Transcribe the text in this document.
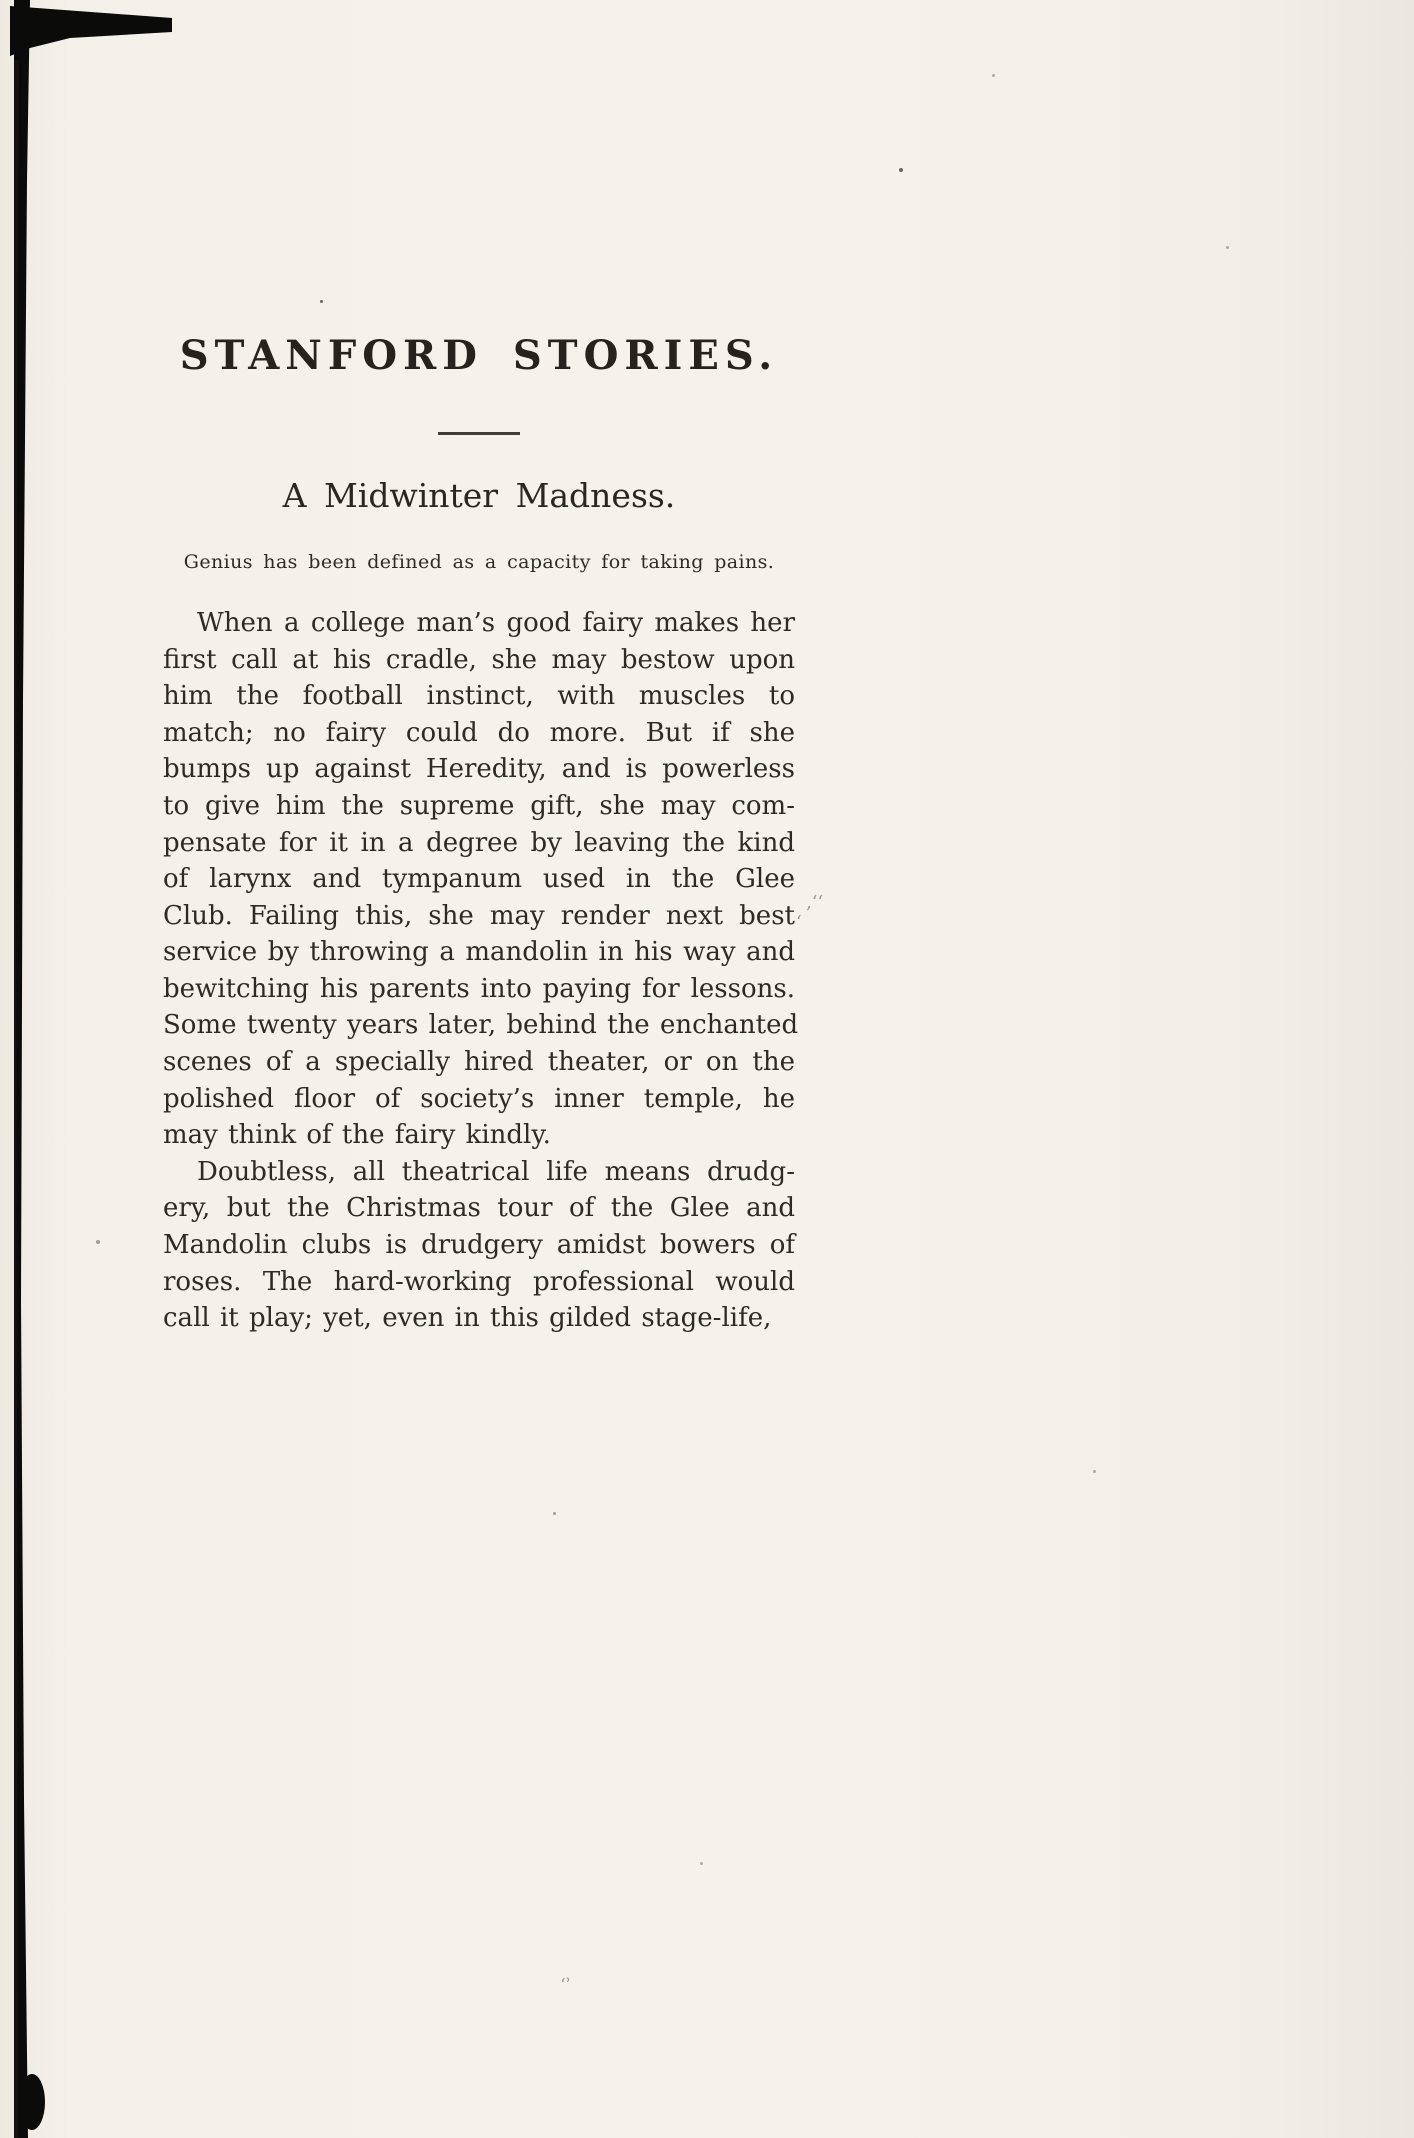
STANFORD STORIES.
A Midwinter Madness.
Genius has been defined as a capacity for taking pains.
When a college man’s good fairy makes her
first call at his cradle, she may bestow upon
him the football instinct, with muscles to
match; no fairy could do more. But if she
bumps up against Heredity, and is powerless
to give him the supreme gift, she may com-
pensate for it in a degree by leaving the kind
of larynx and tympanum used in the Glee
Club. Failing this, she may render next best
service by throwing a mandolin in his way and
bewitching his parents into paying for lessons.
Some twenty years later, behind the enchanted
scenes of a specially hired theater, or on the
polished floor of society’s inner temple, he
may think of the fairy kindly.
Doubtless, all theatrical life means drudg-
ery, but the Christmas tour of the Glee and
Mandolin clubs is drudgery amidst bowers of
roses. The hard-working professional would
call it play; yet, even in this gilded stage-life,
‚ʻ‘
ʻ
‘ʾ
